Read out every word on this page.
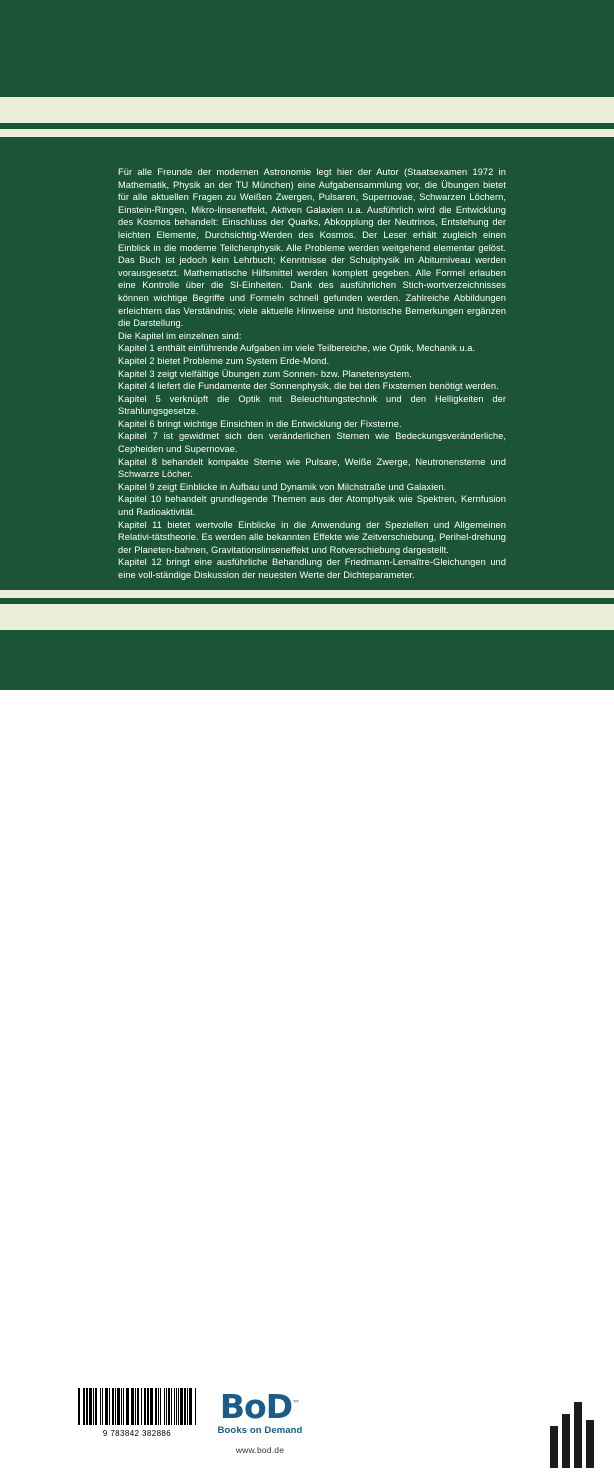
Für alle Freunde der modernen Astronomie legt hier der Autor (Staatsexamen 1972 in Mathematik, Physik an der TU München) eine Aufgabensammlung vor, die Übungen bietet für alle aktuellen Fragen zu Weißen Zwergen, Pulsaren, Supernovae, Schwarzen Löchern, Einstein-Ringen, Mikro-linseneffekt, Aktiven Galaxien u.a. Ausführlich wird die Entwicklung des Kosmos behandelt: Einschluss der Quarks, Abkopplung der Neutrinos, Entstehung der leichten Elemente, Durchsichtig-Werden des Kosmos. Der Leser erhält zugleich einen Einblick in die moderne Teilchenphysik. Alle Probleme werden weitgehend elementar gelöst. Das Buch ist jedoch kein Lehrbuch; Kenntnisse der Schulphysik im Abiturniveau werden vorausgesetzt. Mathematische Hilfsmittel werden komplett gegeben. Alle Formel erlauben eine Kontrolle über die SI-Einheiten. Dank des ausführlichen Stich-wortverzeichnisses können wichtige Begriffe und Formeln schnell gefunden werden. Zahlreiche Abbildungen erleichtern das Verständnis; viele aktuelle Hinweise und historische Bemerkungen ergänzen die Darstellung.

Die Kapitel im einzelnen sind:

Kapitel 1 enthält einführende Aufgaben im viele Teilbereiche, wie Optik, Mechanik u.a.

Kapitel 2 bietet Probleme zum System Erde-Mond.

Kapitel 3 zeigt vielfältige Übungen zum Sonnen- bzw. Planetensystem.

Kapitel 4 liefert die Fundamente der Sonnenphysik, die bei den Fixsternen benötigt werden.

Kapitel 5 verknüpft die Optik mit Beleuchtungstechnik und den Helligkeiten der Strahlungsgesetze.

Kapitel 6 bringt wichtige Einsichten in die Entwicklung der Fixsterne.

Kapitel 7 ist gewidmet sich den veränderlichen Sternen wie Bedeckungsveränderliche, Cepheiden und Supernovae.

Kapitel 8 behandelt kompakte Sterne wie Pulsare, Weiße Zwerge, Neutronensterne und Schwarze Löcher.

Kapitel 9 zeigt Einblicke in Aufbau und Dynamik von Milchstraße und Galaxien.

Kapitel 10 behandelt grundlegende Themen aus der Atomphysik wie Spektren, Kernfusion und Radioaktivität.

Kapitel 11 bietet wertvolle Einblicke in die Anwendung der Speziellen und Allgemeinen Relativi-tätstheorie. Es werden alle bekannten Effekte wie Zeitverschiebung, Perihel-drehung der Planeten-bahnen, Gravitationslinseneffekt und Rotverschiebung dargestellt.

Kapitel 12 bringt eine ausführliche Behandlung der Friedmann-Lemaître-Gleichungen und eine voll-ständige Diskussion der neuesten Werte der Dichteparameter.

9 783842 382886
BoD™
Books on Demand
www.bod.de
